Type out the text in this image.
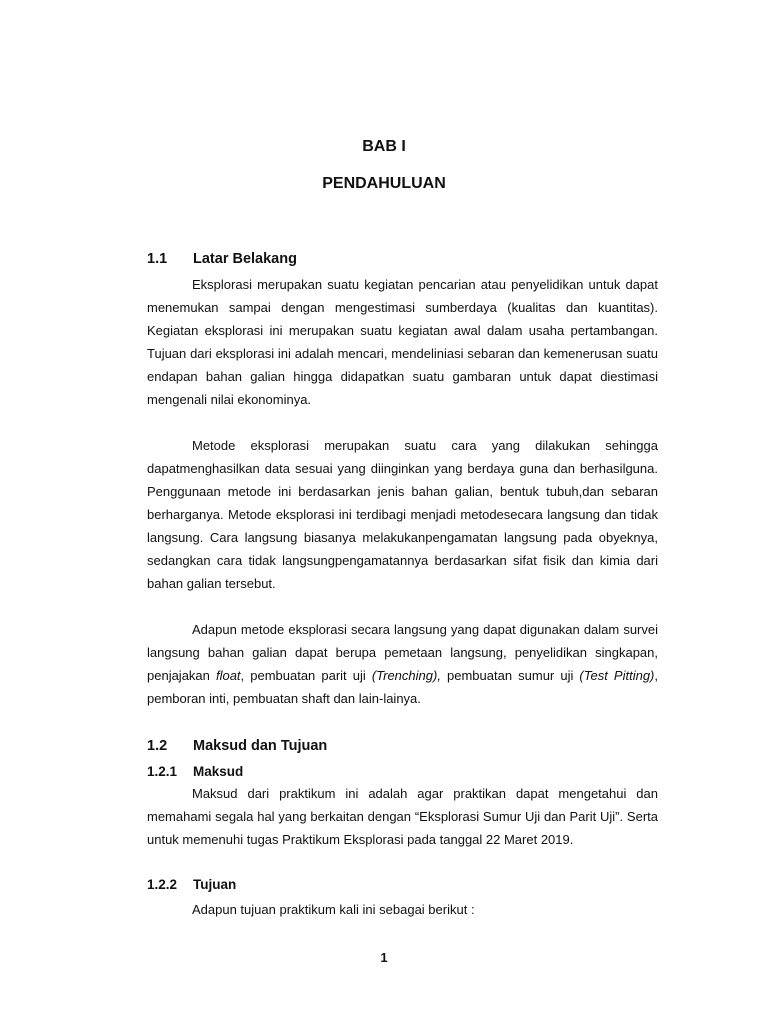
BAB I
PENDAHULUAN
1.1 Latar Belakang

Eksplorasi merupakan suatu kegiatan pencarian atau penyelidikan untuk dapat menemukan sampai dengan mengestimasi sumberdaya (kualitas dan kuantitas). Kegiatan eksplorasi ini merupakan suatu kegiatan awal dalam usaha pertambangan. Tujuan dari eksplorasi ini adalah mencari, mendeliniasi sebaran dan kemenerusan suatu endapan bahan galian hingga didapatkan suatu gambaran untuk dapat diestimasi mengenali nilai ekonominya.

Metode eksplorasi merupakan suatu cara yang dilakukan sehingga dapatmenghasilkan data sesuai yang diinginkan yang berdaya guna dan berhasilguna. Penggunaan metode ini berdasarkan jenis bahan galian, bentuk tubuh,dan sebaran berharganya. Metode eksplorasi ini terdibagi menjadi metodesecara langsung dan tidak langsung. Cara langsung biasanya melakukanpengamatan langsung pada obyeknya, sedangkan cara tidak langsungpengamatannya berdasarkan sifat fisik dan kimia dari bahan galian tersebut.

Adapun metode eksplorasi secara langsung yang dapat digunakan dalam survei langsung bahan galian dapat berupa pemetaan langsung, penyelidikan singkapan, penjajakan float, pembuatan parit uji (Trenching), pembuatan sumur uji (Test Pitting), pemboran inti, pembuatan shaft dan lain-lainya.

1.2 Maksud dan Tujuan
1.2.1 Maksud

Maksud dari praktikum ini adalah agar praktikan dapat mengetahui dan memahami segala hal yang berkaitan dengan “Eksplorasi Sumur Uji dan Parit Uji”. Serta untuk memenuhi tugas Praktikum Eksplorasi pada tanggal 22 Maret 2019.

1.2.2 Tujuan

Adapun tujuan praktikum kali ini sebagai berikut :

1
